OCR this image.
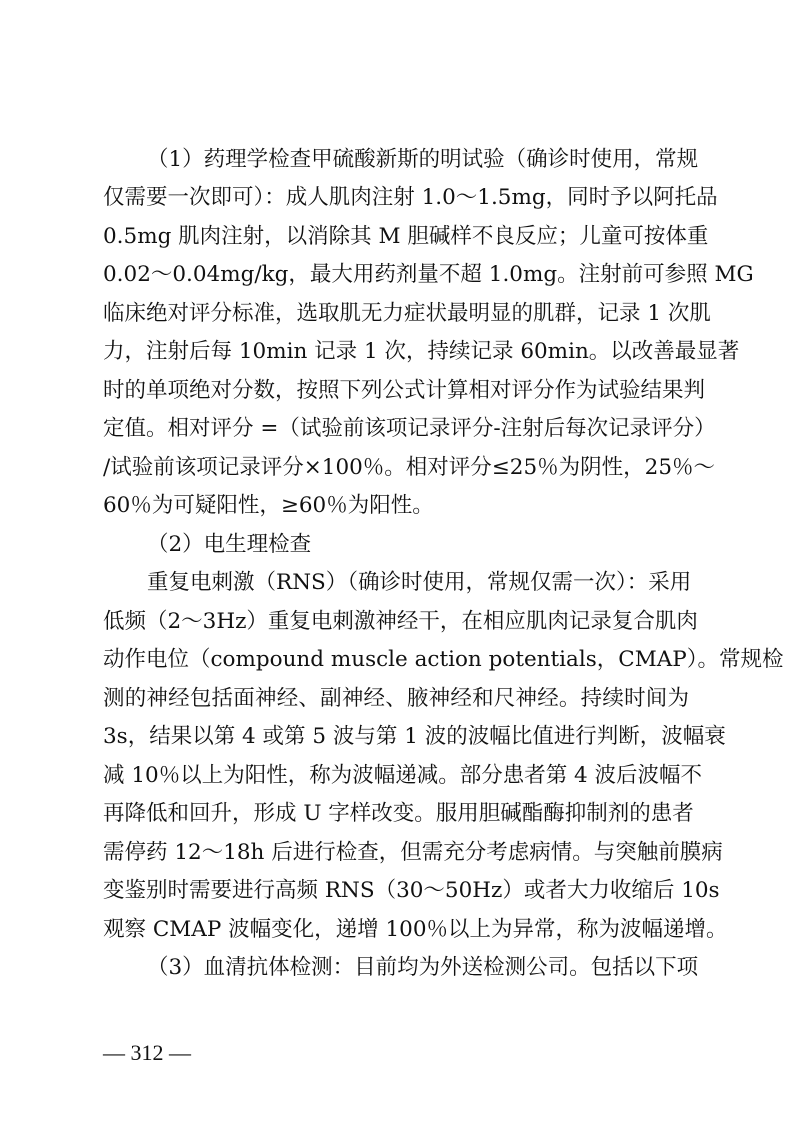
（1）药理学检查甲硫酸新斯的明试验（确诊时使用，常规
仅需要一次即可）：成人肌肉注射 1.0～1.5mg，同时予以阿托品
0.5mg 肌肉注射，以消除其 M 胆碱样不良反应；儿童可按体重
0.02～0.04mg/kg，最大用药剂量不超 1.0mg。注射前可参照 MG
临床绝对评分标准，选取肌无力症状最明显的肌群，记录 1 次肌
力，注射后每 10min 记录 1 次，持续记录 60min。以改善最显著
时的单项绝对分数，按照下列公式计算相对评分作为试验结果判
定值。相对评分 =（试验前该项记录评分-注射后每次记录评分）
/试验前该项记录评分×100％。相对评分≤25％为阴性，25％～
60％为可疑阳性，≥60％为阳性。
（2）电生理检查
重复电刺激（RNS）（确诊时使用，常规仅需一次）：采用
低频（2～3Hz）重复电刺激神经干，在相应肌肉记录复合肌肉
动作电位（compound muscle action potentials，CMAP）。常规检
测的神经包括面神经、副神经、腋神经和尺神经。持续时间为
3s，结果以第 4 或第 5 波与第 1 波的波幅比值进行判断，波幅衰
减 10％以上为阳性，称为波幅递减。部分患者第 4 波后波幅不
再降低和回升，形成 U 字样改变。服用胆碱酯酶抑制剂的患者
需停药 12～18h 后进行检查，但需充分考虑病情。与突触前膜病
变鉴别时需要进行高频 RNS（30～50Hz）或者大力收缩后 10s
观察 CMAP 波幅变化，递增 100％以上为异常，称为波幅递增。
（3）血清抗体检测：目前均为外送检测公司。包括以下项
— 312 —
